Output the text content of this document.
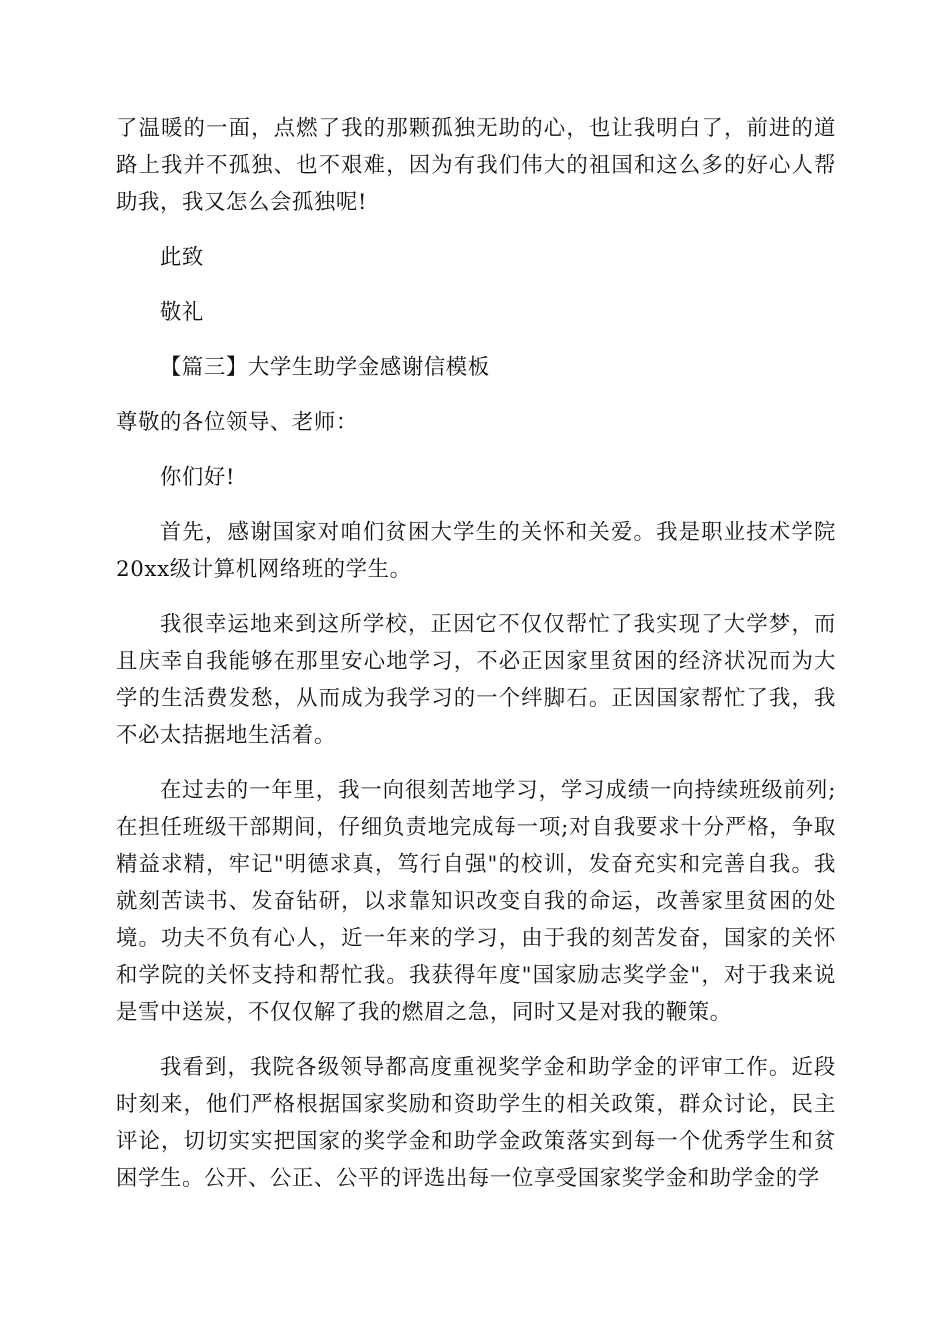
了温暖的一面，点燃了我的那颗孤独无助的心，也让我明白了，前进的道路上我并不孤独、也不艰难，因为有我们伟大的祖国和这么多的好心人帮助我，我又怎么会孤独呢!

此致

敬礼

【篇三】大学生助学金感谢信模板

尊敬的各位领导、老师：

你们好!

首先，感谢国家对咱们贫困大学生的关怀和关爱。我是职业技术学院20xx级计算机网络班的学生。

我很幸运地来到这所学校，正因它不仅仅帮忙了我实现了大学梦，而且庆幸自我能够在那里安心地学习，不必正因家里贫困的经济状况而为大学的生活费发愁，从而成为我学习的一个绊脚石。正因国家帮忙了我，我不必太拮据地生活着。

在过去的一年里，我一向很刻苦地学习，学习成绩一向持续班级前列;在担任班级干部期间，仔细负责地完成每一项;对自我要求十分严格，争取精益求精，牢记"明德求真，笃行自强"的校训，发奋充实和完善自我。我就刻苦读书、发奋钻研，以求靠知识改变自我的命运，改善家里贫困的处境。功夫不负有心人，近一年来的学习，由于我的刻苦发奋，国家的关怀和学院的关怀支持和帮忙我。我获得年度"国家励志奖学金"，对于我来说是雪中送炭，不仅仅解了我的燃眉之急，同时又是对我的鞭策。

我看到，我院各级领导都高度重视奖学金和助学金的评审工作。近段时刻来，他们严格根据国家奖励和资助学生的相关政策，群众讨论，民主评论，切切实实把国家的奖学金和助学金政策落实到每一个优秀学生和贫困学生。公开、公正、公平的评选出每一位享受国家奖学金和助学金的学
